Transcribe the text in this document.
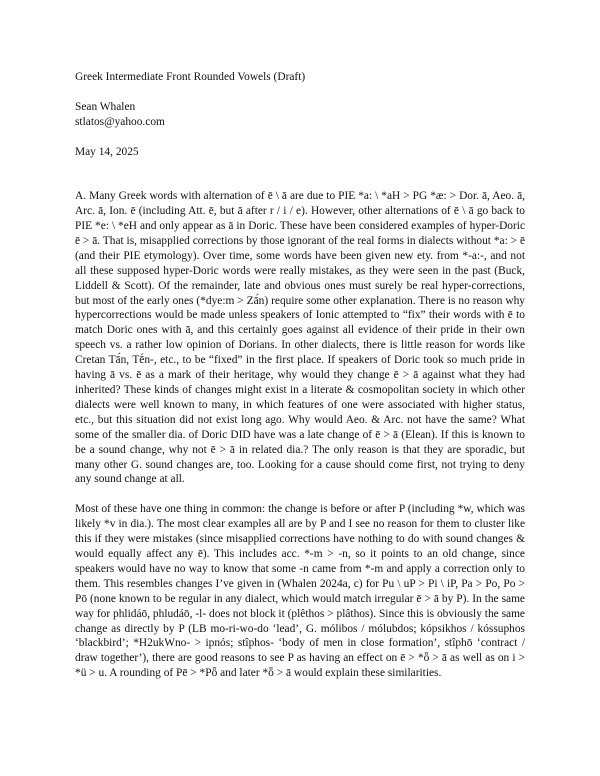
Greek Intermediate Front Rounded Vowels (Draft)
Sean Whalen
stlatos@yahoo.com
May 14, 2025

A. Many Greek words with alternation of ē \ ā are due to PIE *a: \ *aH > PG *æ: > Dor. ā, Aeo. ā, Arc. ā, Ion. ē (including Att. ē, but ā after r / i / e). However, other alternations of ē \ ā go back to PIE *e: \ *eH and only appear as ā in Doric. These have been considered examples of hyper-Doric ē > ā. That is, misapplied corrections by those ignorant of the real forms in dialects without *a: > ē (and their PIE etymology). Over time, some words have been given new ety. from *-a:-, and not all these supposed hyper-Doric words were really mistakes, as they were seen in the past (Buck, Liddell & Scott). Of the remainder, late and obvious ones must surely be real hyper-corrections, but most of the early ones (*dye:m > Zā́n) require some other explanation. There is no reason why hypercorrections would be made unless speakers of Ionic attempted to “fix” their words with ē to match Doric ones with ā, and this certainly goes against all evidence of their pride in their own speech vs. a rather low opinion of Dorians. In other dialects, there is little reason for words like Cretan Tā́n, Tḗn-, etc., to be “fixed” in the first place. If speakers of Doric took so much pride in having ā vs. ē as a mark of their heritage, why would they change ē > ā against what they had inherited? These kinds of changes might exist in a literate & cosmopolitan society in which other dialects were well known to many, in which features of one were associated with higher status, etc., but this situation did not exist long ago. Why would Aeo. & Arc. not have the same? What some of the smaller dia. of Doric DID have was a late change of ē > ā (Elean). If this is known to be a sound change, why not ē > ā in related dia.? The only reason is that they are sporadic, but many other G. sound changes are, too. Looking for a cause should come first, not trying to deny any sound change at all.

Most of these have one thing in common: the change is before or after P (including *w, which was likely *v in dia.). The most clear examples all are by P and I see no reason for them to cluster like this if they were mistakes (since misapplied corrections have nothing to do with sound changes & would equally affect any ē). This includes acc. *-m > -n, so it points to an old change, since speakers would have no way to know that some -n came from *-m and apply a correction only to them. This resembles changes I’ve given in (Whalen 2024a, c) for Pu \ uP > Pi \ iP, Pa > Po, Po > Pō (none known to be regular in any dialect, which would match irregular ē > ā by P). In the same way for phlidáō, phludáō, -l- does not block it (plêthos > plâthos). Since this is obviously the same change as directly by P (LB mo-ri-wo-do ‘lead’, G. mólibos / mólubdos; kópsikhos / kóssuphos ‘blackbird’; *H2ukWno- > ipnós; stîphos- ‘body of men in close formation’, stîphō ‘contract / draw together’), there are good reasons to see P as having an effect on ē > *ȫ > ā as well as on i > *ü > u. A rounding of Pē > *Pȫ and later *ȫ > ā would explain these similarities.
